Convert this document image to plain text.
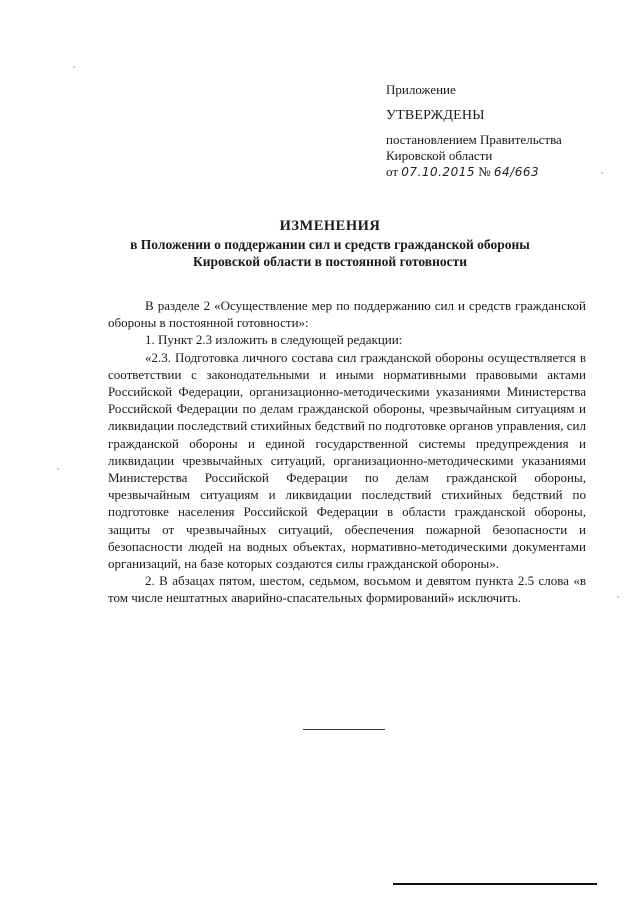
Приложение
УТВЕРЖДЕНЫ
постановлением Правительства
Кировской области
от 07.10.2015 № 64/663
ИЗМЕНЕНИЯ
в Положении о поддержании сил и средств гражданской обороны
Кировской области в постоянной готовности

В разделе 2 «Осуществление мер по поддержанию сил и средств гражданской обороны в постоянной готовности»:

1. Пункт 2.3 изложить в следующей редакции:

«2.3. Подготовка личного состава сил гражданской обороны осуществляется в соответствии с законодательными и иными нормативными правовыми актами Российской Федерации, организационно-методическими указаниями Министерства Российской Федерации по делам гражданской обороны, чрезвычайным ситуациям и ликвидации последствий стихийных бедствий по подготовке органов управления, сил гражданской обороны и единой государственной системы предупреждения и ликвидации чрезвычайных ситуаций, организационно-методическими указаниями Министерства Российской Федерации по делам гражданской обороны, чрезвычайным ситуациям и ликвидации последствий стихийных бедствий по подготовке населения Российской Федерации в области гражданской обороны, защиты от чрезвычайных ситуаций, обеспечения пожарной безопасности и безопасности людей на водных объектах, нормативно-методическими документами организаций, на базе которых создаются силы гражданской обороны».

2. В абзацах пятом, шестом, седьмом, восьмом и девятом пункта 2.5 слова «в том числе нештатных аварийно-спасательных формирований» исключить.
